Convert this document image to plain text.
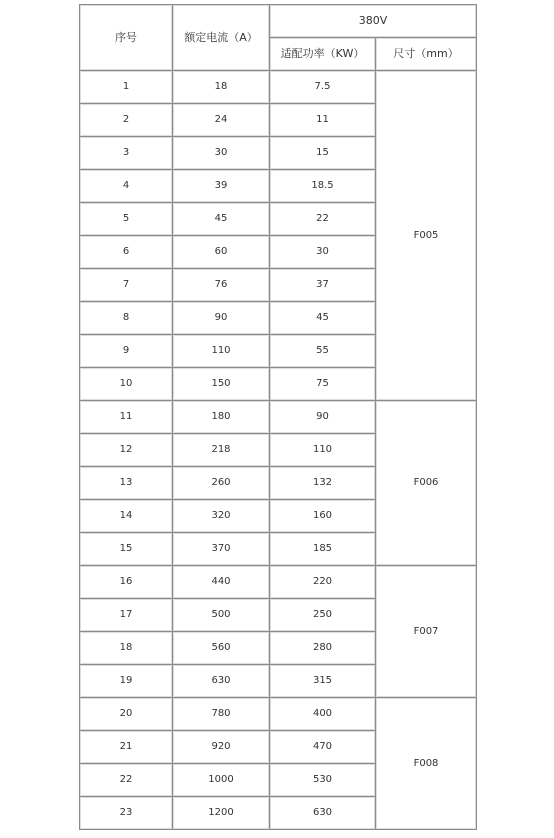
序号	额定电流（A）	380V	
		适配功率（KW）	尺寸（mm）
1	18	7.5	F005
2	24	11	
3	30	15	
4	39	18.5	
5	45	22	
6	60	30	
7	76	37	
8	90	45	
9	110	55	
10	150	75	
11	180	90	F006
12	218	110	
13	260	132	
14	320	160	
15	370	185	
16	440	220	F007
17	500	250	
18	560	280	
19	630	315	
20	780	400	F008
21	920	470	
22	1000	530	
23	1200	630	
